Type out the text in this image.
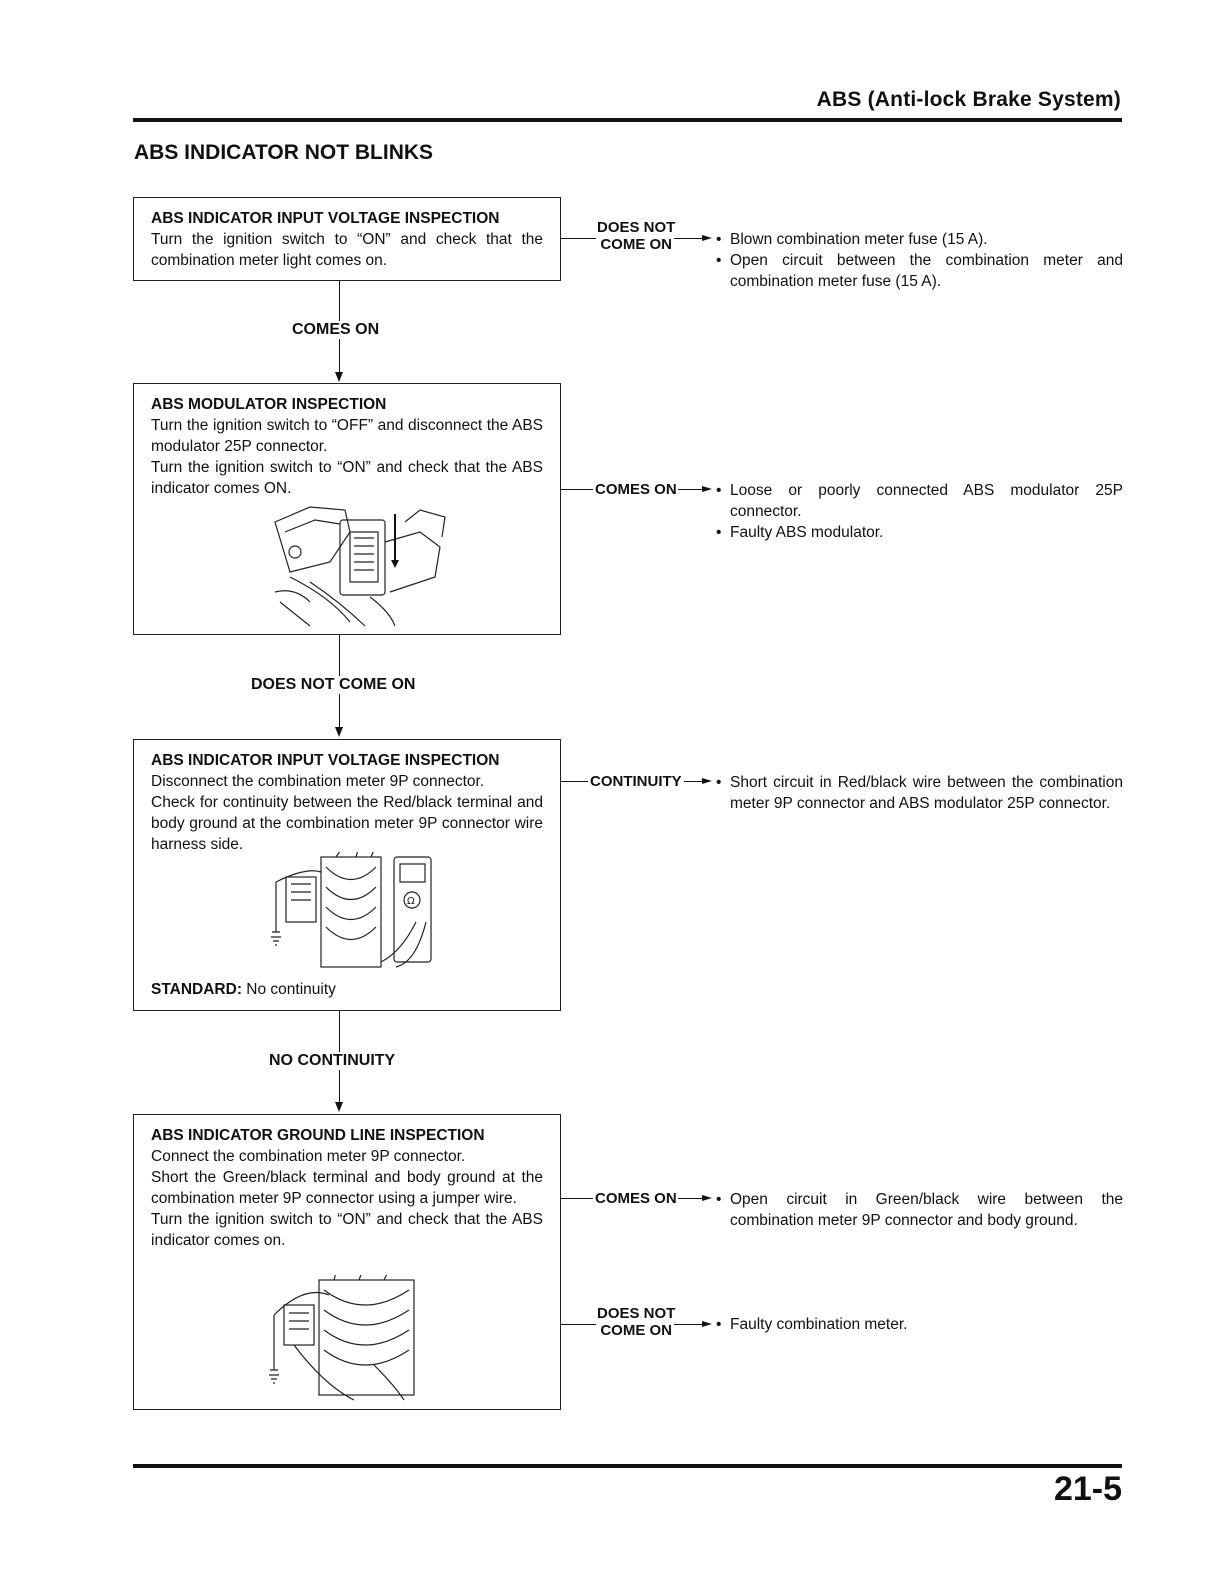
ABS (Anti-lock Brake System)
ABS INDICATOR NOT BLINKS
ABS INDICATOR INPUT VOLTAGE INSPECTION
Turn the ignition switch to “ON” and check that the combination meter light comes on.
DOES NOT
COME ON	• Blown combination meter fuse (15 A).
• Open circuit between the combination meter and combination meter fuse (15 A).
COMES ON
ABS MODULATOR INSPECTION
Turn the ignition switch to “OFF” and disconnect the ABS modulator 25P connector.
Turn the ignition switch to “ON” and check that the ABS indicator comes ON.	COMES ON	• Loose or poorly connected ABS modulator 25P connector.
• Faulty ABS modulator.
DOES NOT COME ON
ABS INDICATOR INPUT VOLTAGE INSPECTION
Disconnect the combination meter 9P connector.
Check for continuity between the Red/black terminal and body ground at the combination meter 9P connector wire harness side.
Ω
STANDARD: No continuity
CONTINUITY	• Short circuit in Red/black wire between the combination meter 9P connector and ABS modulator 25P connector.
NO CONTINUITY
ABS INDICATOR GROUND LINE INSPECTION
Connect the combination meter 9P connector.
Short the Green/black terminal and body ground at the combination meter 9P connector using a jumper wire.
Turn the ignition switch to “ON” and check that the ABS indicator comes on.
COMES ON	• Open circuit in Green/black wire between the combination meter 9P connector and body ground.
DOES NOT
COME ON	• Faulty combination meter.
21-5
